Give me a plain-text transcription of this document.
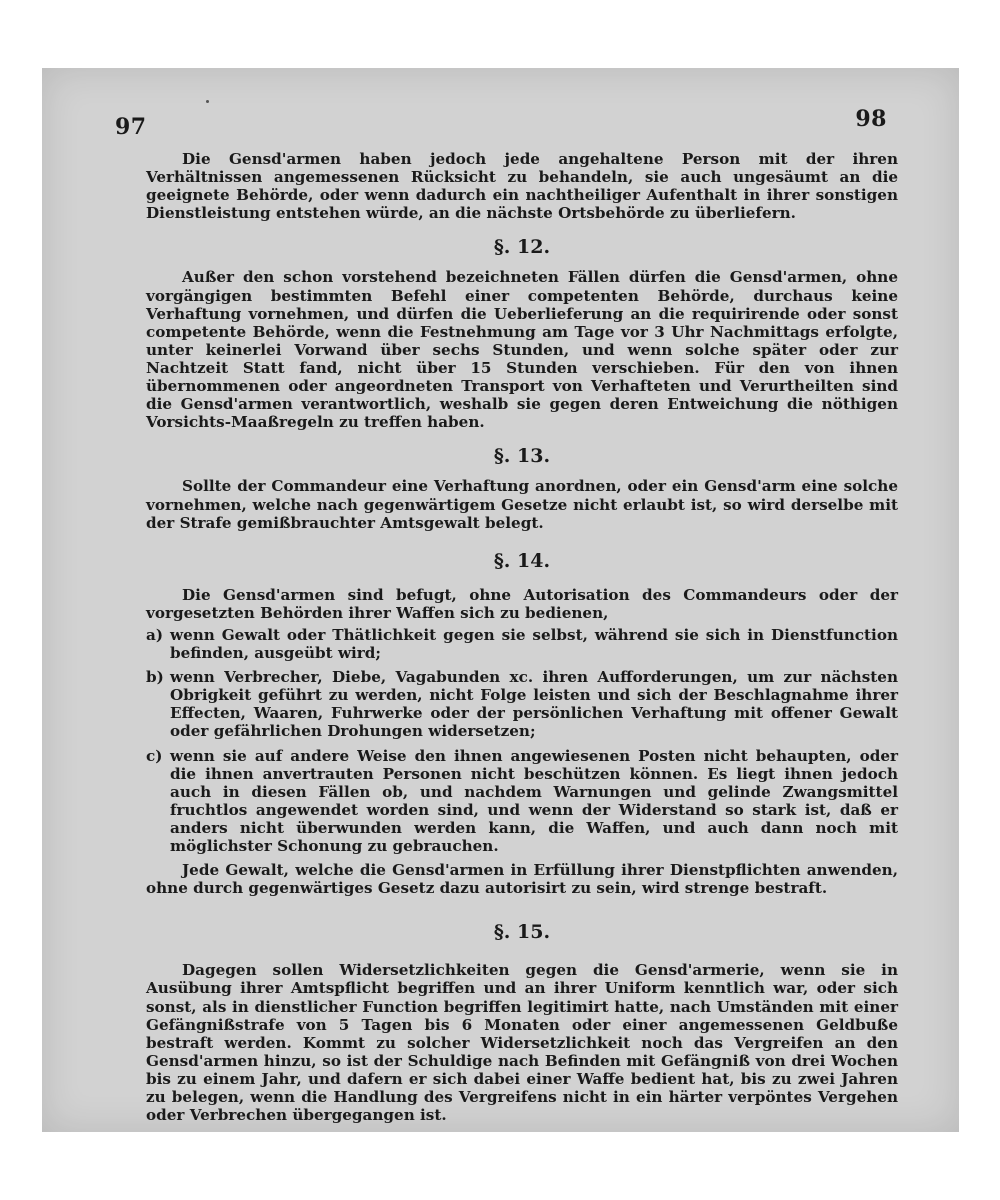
97	98

Die Gensd'armen haben jedoch jede angehaltene Person mit der ihren Verhältnissen angemessenen Rücksicht zu behandeln, sie auch ungesäumt an die geeignete Behörde, oder wenn dadurch ein nachtheiliger Aufenthalt in ihrer sonstigen Dienstleistung entstehen würde, an die nächste Ortsbehörde zu überliefern.

§. 12.

Außer den schon vorstehend bezeichneten Fällen dürfen die Gensd'armen, ohne vorgängigen bestimmten Befehl einer competenten Behörde, durchaus keine Verhaftung vornehmen, und dürfen die Ueberlieferung an die requirirende oder sonst competente Behörde, wenn die Festnehmung am Tage vor 3 Uhr Nachmittags erfolgte, unter keinerlei Vorwand über sechs Stunden, und wenn solche später oder zur Nachtzeit Statt fand, nicht über 15 Stunden verschieben. Für den von ihnen übernommenen oder angeordneten Transport von Verhafteten und Verurtheilten sind die Gensd'armen verantwortlich, weshalb sie gegen deren Entweichung die nöthigen Vorsichts-Maaßregeln zu treffen haben.

§. 13.

Sollte der Commandeur eine Verhaftung anordnen, oder ein Gensd'arm eine solche vornehmen, welche nach gegenwärtigem Gesetze nicht erlaubt ist, so wird derselbe mit der Strafe gemißbrauchter Amtsgewalt belegt.

§. 14.

Die Gensd'armen sind befugt, ohne Autorisation des Commandeurs oder der vorgesetzten Behörden ihrer Waffen sich zu bedienen,

a) wenn Gewalt oder Thätlichkeit gegen sie selbst, während sie sich in Dienstfunction befinden, ausgeübt wird;
b) wenn Verbrecher, Diebe, Vagabunden xc. ihren Aufforderungen, um zur nächsten Obrigkeit geführt zu werden, nicht Folge leisten und sich der Beschlagnahme ihrer Effecten, Waaren, Fuhrwerke oder der persönlichen Verhaftung mit offener Gewalt oder gefährlichen Drohungen widersetzen;
c) wenn sie auf andere Weise den ihnen angewiesenen Posten nicht behaupten, oder die ihnen anvertrauten Personen nicht beschützen können. Es liegt ihnen jedoch auch in diesen Fällen ob, und nachdem Warnungen und gelinde Zwangsmittel fruchtlos angewendet worden sind, und wenn der Widerstand so stark ist, daß er anders nicht überwunden werden kann, die Waffen, und auch dann noch mit möglichster Schonung zu gebrauchen.

Jede Gewalt, welche die Gensd'armen in Erfüllung ihrer Dienstpflichten anwenden, ohne durch gegenwärtiges Gesetz dazu autorisirt zu sein, wird strenge bestraft.

§. 15.

Dagegen sollen Widersetzlichkeiten gegen die Gensd'armerie, wenn sie in Ausübung ihrer Amtspflicht begriffen und an ihrer Uniform kenntlich war, oder sich sonst, als in dienstlicher Function begriffen legitimirt hatte, nach Umständen mit einer Gefängnißstrafe von 5 Tagen bis 6 Monaten oder einer angemessenen Geldbuße bestraft werden. Kommt zu solcher Widersetzlichkeit noch das Vergreifen an den Gensd'armen hinzu, so ist der Schuldige nach Befinden mit Gefängniß von drei Wochen bis zu einem Jahr, und dafern er sich dabei einer Waffe bedient hat, bis zu zwei Jahren zu belegen, wenn die Handlung des Vergreifens nicht in ein härter verpöntes Vergehen oder Verbrechen übergegangen ist.
